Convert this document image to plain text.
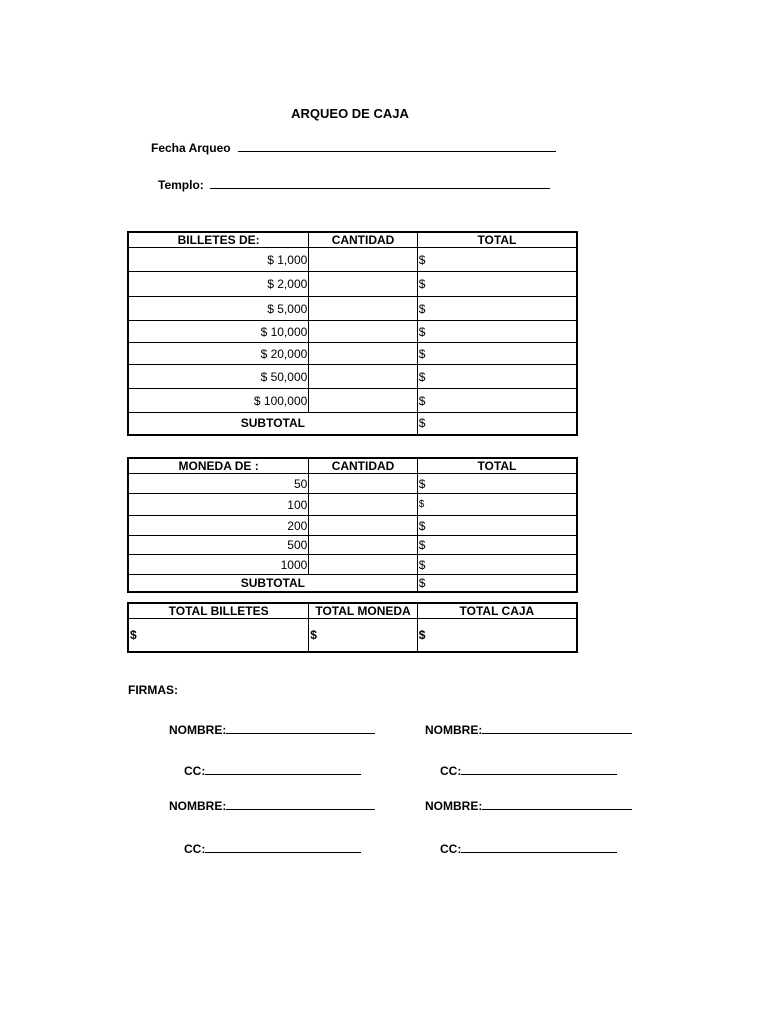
ARQUEO DE CAJA
Fecha Arqueo
Templo:
BILLETES DE:	CANTIDAD	TOTAL
$ 1,000		$
$ 2,000		$
$ 5,000		$
$ 10,000		$
$ 20,000		$
$ 50,000		$
$ 100,000		$
SUBTOTAL		$
MONEDA DE :	CANTIDAD	TOTAL
50		$
100		$
200		$
500		$
1000		$
SUBTOTAL		$
TOTAL BILLETES	TOTAL MONEDA	TOTAL CAJA
$	$	$
FIRMAS:
NOMBRE:	NOMBRE:
CC:	CC:
NOMBRE:	NOMBRE:
CC:	CC:
